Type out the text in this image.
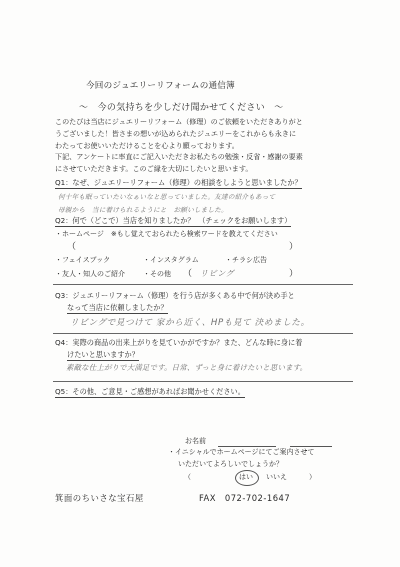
今回のジュエリーリフォームの通信簿
～　今の気持ちを少しだけ聞かせてください　～

このたびは当店にジュエリーリフォーム（修理）のご依頼をいただきありがと

うございました！皆さまの想いが込められたジュエリーをこれからも永きに

わたってお使いいただけることを心より願っております。

下記、アンケートに率直にご記入いただきお私たちの勉強・反省・感謝の要素

にさせていただきます。このご縁を大切にしたいと思います。

Q1：なぜ、ジュエリーリフォーム（修理）の相談をしようと思いましたか？
何十年も眠っていたいなぁいなと思っていました。友達の紹介もあって
母親から　当に着けられるようにと　お願いしました。
Q2：何で（どこで）当店を知りましたか？　（チェックをお願いします）
・ホームページ　※もし覚えておられたら検索ワードを教えてください
（	）
・フェイスブック	・インスタグラム	・チラシ広告
・友人・知人のご紹介	・その他 （ リビング	）
Q3：ジュエリーリフォーム（修理）を行う店が多くある中で何が決め手と
なって当店に依頼しましたか？
リビングで見つけて 家から近く、HPも見て 決めました。
Q4：実際の商品の出来上がりを見ていかがですか？また、どんな時に身に着
けたいと思いますか？
素敵な仕上がりで大満足です。日常、ずっと身に着けたいと思います。
Q5：その他、ご意見・ご感想があればお聞かせください。
お名前
・イニシャルでホームページにてご案内させて
いただいてよろしいでしょうか？
（	はい いいえ	）
箕面のちいさな宝石屋	FAX　072-702-1647
